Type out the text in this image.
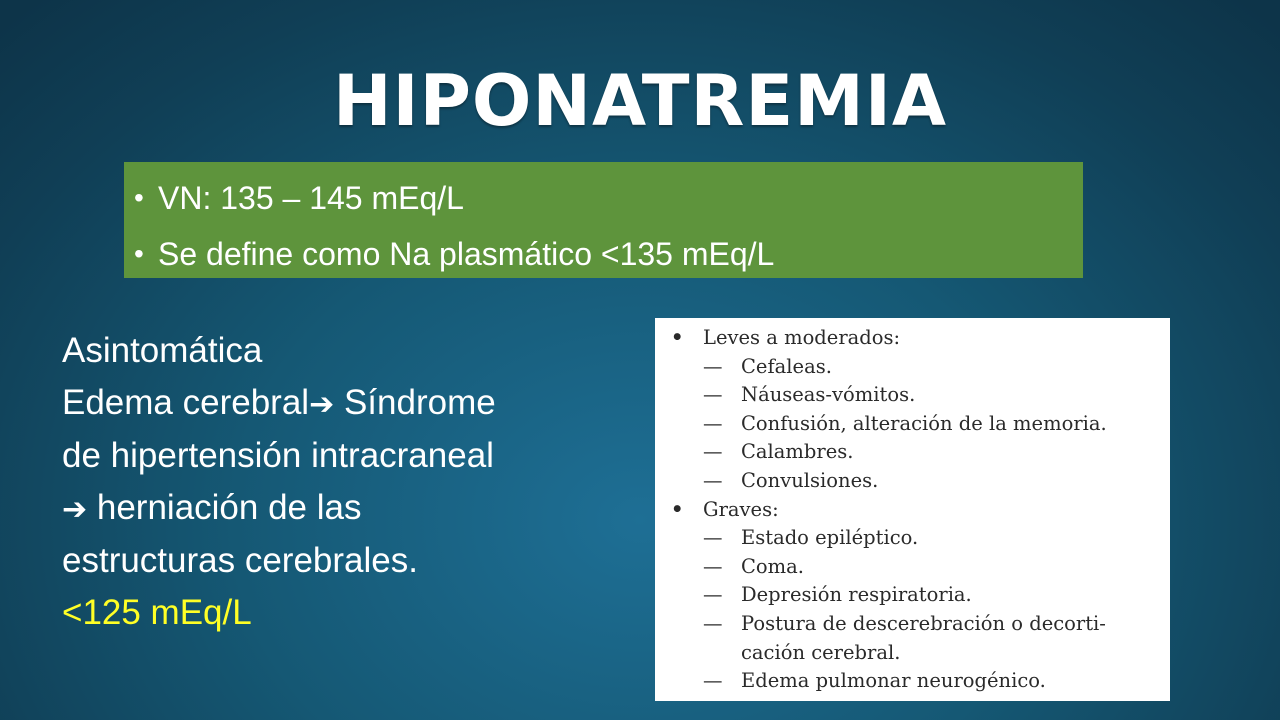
HIPONATREMIA
• VN: 135 – 145 mEq/L
• Se define como Na plasmático <135 mEq/L
Asintomática
Edema cerebral➔ Síndrome
de hipertensión intracraneal
➔ herniación de las
estructuras cerebrales.
<125 mEq/L
• Leves a moderados:
— Cefaleas.
— Náuseas-vómitos.
— Confusión, alteración de la memoria.
— Calambres.
— Convulsiones.
• Graves:
— Estado epiléptico.
— Coma.
— Depresión respiratoria.
— Postura de descerebración o decorti-
cación cerebral.
— Edema pulmonar neurogénico.
